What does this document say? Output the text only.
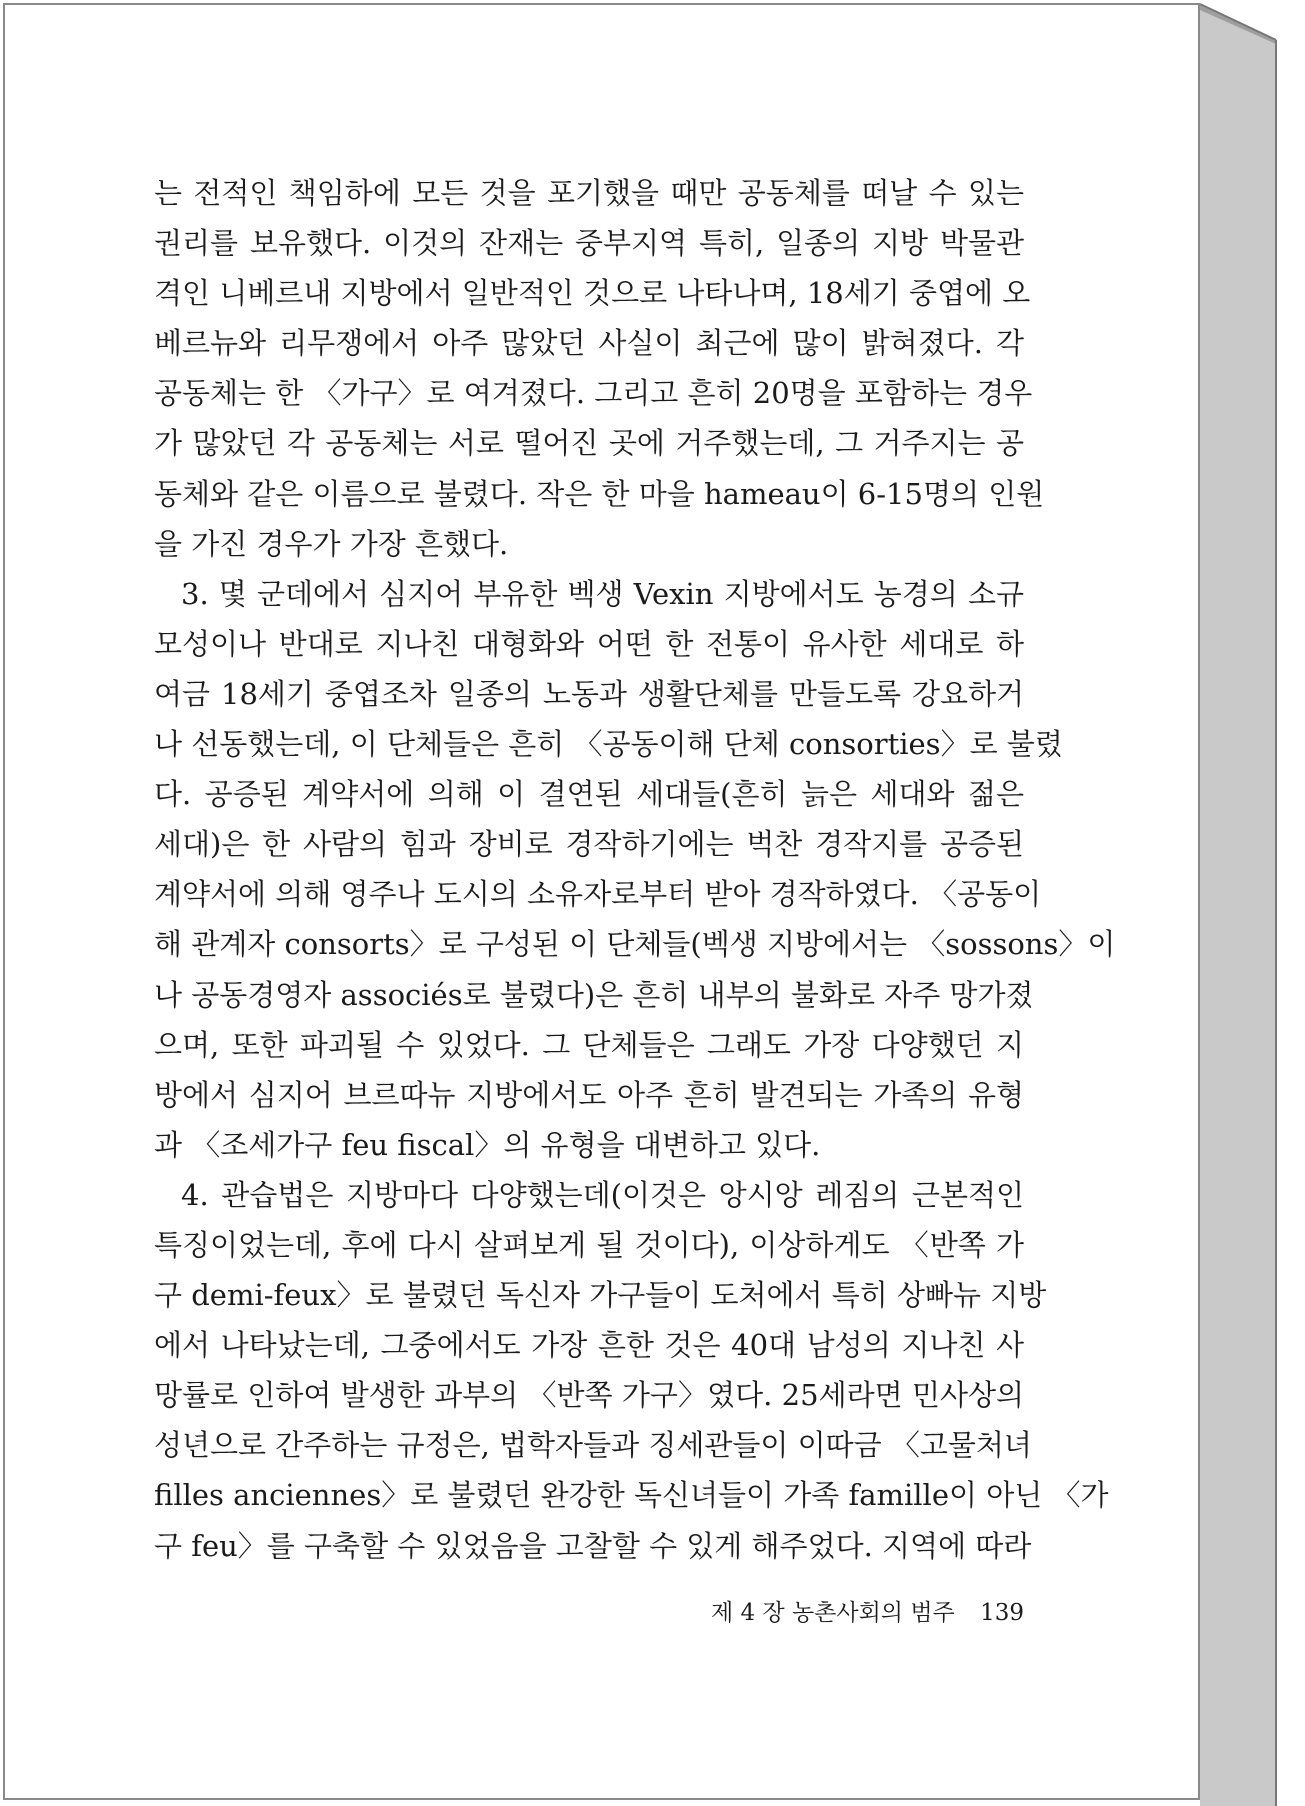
는 전적인 책임하에 모든 것을 포기했을 때만 공동체를 떠날 수 있는
권리를 보유했다. 이것의 잔재는 중부지역 특히, 일종의 지방 박물관
격인 니베르내 지방에서 일반적인 것으로 나타나며, 18세기 중엽에 오
베르뉴와 리무쟁에서 아주 많았던 사실이 최근에 많이 밝혀졌다. 각
공동체는 한 〈가구〉로 여겨졌다. 그리고 흔히 20명을 포함하는 경우
가 많았던 각 공동체는 서로 떨어진 곳에 거주했는데, 그 거주지는 공
동체와 같은 이름으로 불렸다. 작은 한 마을 hameau이 6-15명의 인원
을 가진 경우가 가장 흔했다.
3. 몇 군데에서 심지어 부유한 벡생 Vexin 지방에서도 농경의 소규
모성이나 반대로 지나친 대형화와 어떤 한 전통이 유사한 세대로 하
여금 18세기 중엽조차 일종의 노동과 생활단체를 만들도록 강요하거
나 선동했는데, 이 단체들은 흔히 〈공동이해 단체 consorties〉로 불렸
다. 공증된 계약서에 의해 이 결연된 세대들(흔히 늙은 세대와 젊은
세대)은 한 사람의 힘과 장비로 경작하기에는 벅찬 경작지를 공증된
계약서에 의해 영주나 도시의 소유자로부터 받아 경작하였다. 〈공동이
해 관계자 consorts〉로 구성된 이 단체들(벡생 지방에서는 〈sossons〉이
나 공동경영자 associés로 불렸다)은 흔히 내부의 불화로 자주 망가졌
으며, 또한 파괴될 수 있었다. 그 단체들은 그래도 가장 다양했던 지
방에서 심지어 브르따뉴 지방에서도 아주 흔히 발견되는 가족의 유형
과 〈조세가구 feu fiscal〉의 유형을 대변하고 있다.
4. 관습법은 지방마다 다양했는데(이것은 앙시앙 레짐의 근본적인
특징이었는데, 후에 다시 살펴보게 될 것이다), 이상하게도 〈반쪽 가
구 demi-feux〉로 불렸던 독신자 가구들이 도처에서 특히 상빠뉴 지방
에서 나타났는데, 그중에서도 가장 흔한 것은 40대 남성의 지나친 사
망률로 인하여 발생한 과부의 〈반쪽 가구〉였다. 25세라면 민사상의
성년으로 간주하는 규정은, 법학자들과 징세관들이 이따금 〈고물처녀
filles anciennes〉로 불렸던 완강한 독신녀들이 가족 famille이 아닌 〈가
구 feu〉를 구축할 수 있었음을 고찰할 수 있게 해주었다. 지역에 따라
제 4 장 농촌사회의 범주 139
